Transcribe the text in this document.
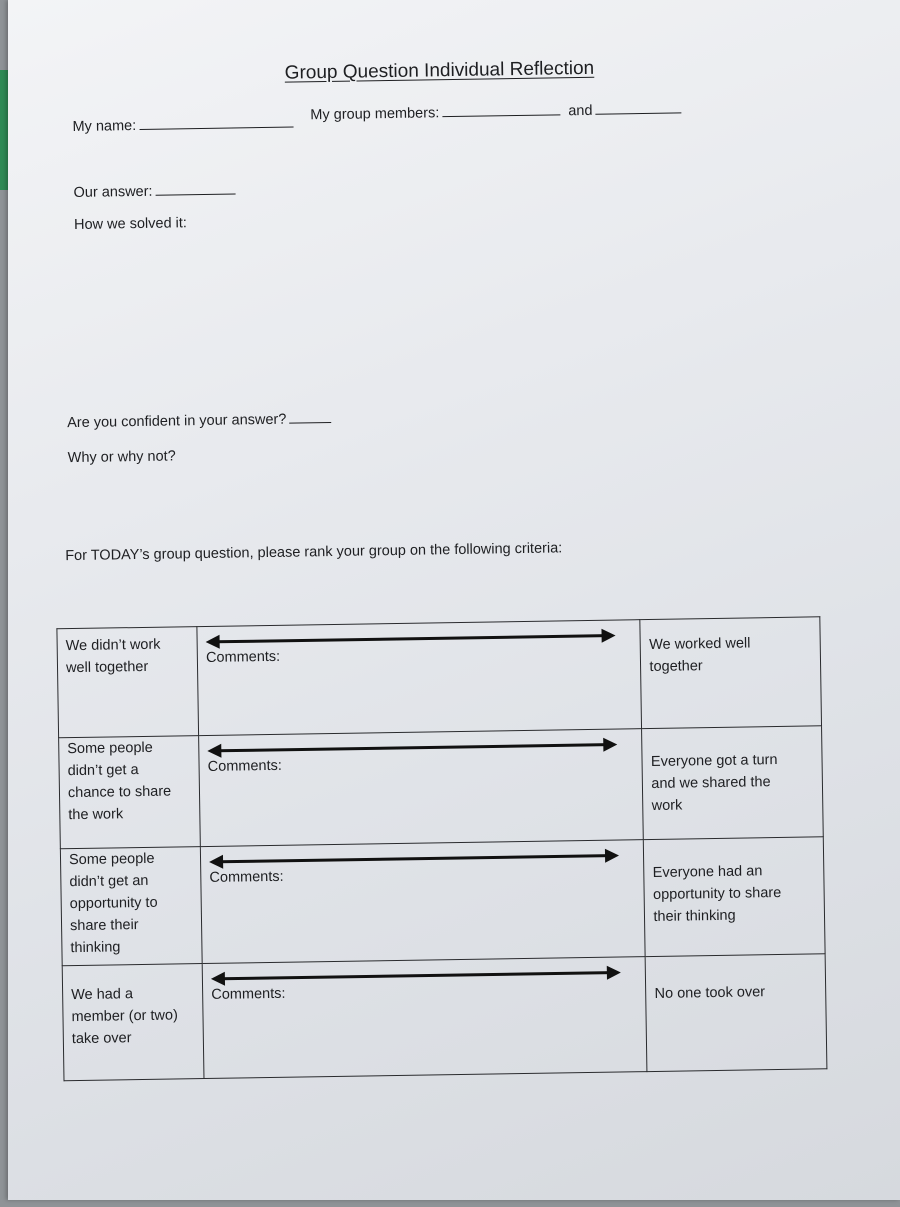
Group Question Individual Reflection
My name:
My group members:	and
Our answer:
How we solved it:
Are you confident in your answer?
Why or why not?
For TODAY’s group question, please rank your group on the following criteria:
We didn’t work
well together	Comments:	We worked well
together

Some people
didn’t get a
chance to share
the work	Comments:	Everyone got a turn
and we shared the
work

Some people
didn’t get an
opportunity to
share their
thinking	Comments:	Everyone had an
opportunity to share
their thinking

We had a
member (or two)
take over	Comments:	No one took over
